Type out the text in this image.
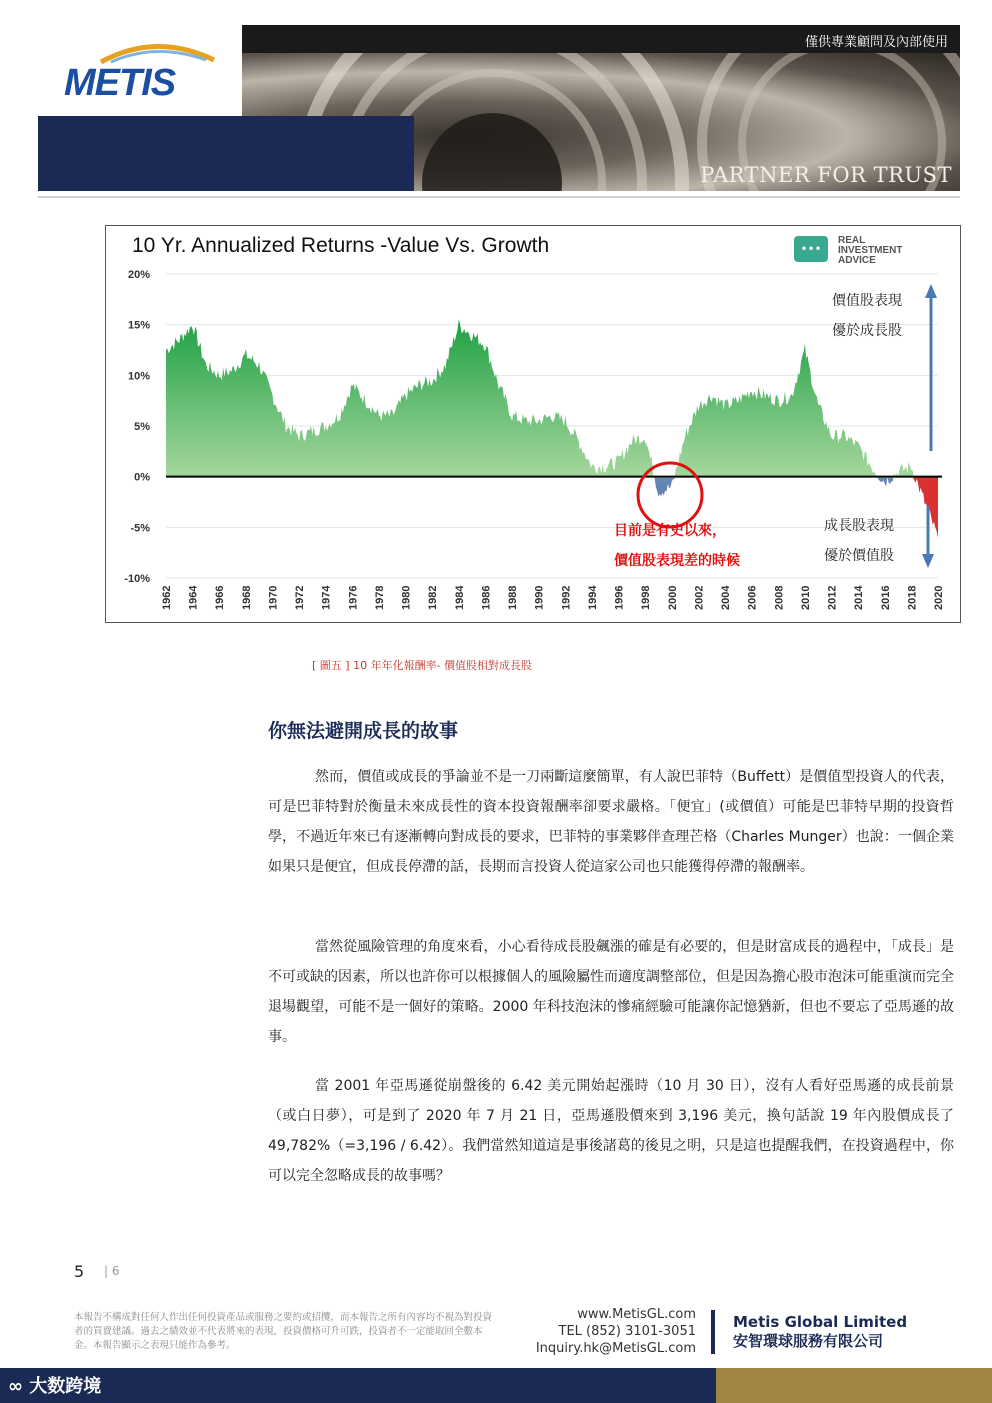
METIS
僅供專業顧問及內部使用
PARTNER FOR TRUST
10 Yr. Annualized Returns -Value Vs. Growth	•••
REAL
INVESTMENT
ADVICE
20%
15%
10%
5%
0%
-5%
-10%
1962 1964 1966 1968 1970 1972 1974 1976 1978 1980 1982 1984 1986 1988 1990 1992 1994 1996 1998 2000 2002 2004 2006 2008 2010 2012 2014 2016 2018 2020
價值股表現
優於成長股
成長股表現
優於價值股
目前是有史以來，
價值股表現差的時候
[ 圖五 ] 10 年年化報酬率- 價值股相對成長股
你無法避開成長的故事

然而，價值或成長的爭論並不是一刀兩斷這麼簡單，有人說巴菲特（Buffett）是價值型投資人的代表，可是巴菲特對於衡量未來成長性的資本投資報酬率卻要求嚴格。「便宜」(或價值）可能是巴菲特早期的投資哲學，不過近年來已有逐漸轉向對成長的要求，巴菲特的事業夥伴查理芒格（Charles Munger）也說：一個企業如果只是便宜，但成長停滯的話，長期而言投資人從這家公司也只能獲得停滯的報酬率。

當然從風險管理的角度來看，小心看待成長股飆漲的確是有必要的，但是財富成長的過程中，「成長」是不可或缺的因素，所以也許你可以根據個人的風險屬性而適度調整部位，但是因為擔心股市泡沫可能重演而完全退場觀望，可能不是一個好的策略。2000 年科技泡沫的慘痛經驗可能讓你記憶猶新，但也不要忘了亞馬遜的故事。

當 2001 年亞馬遜從崩盤後的 6.42 美元開始起漲時（10 月 30 日），沒有人看好亞馬遜的成長前景（或白日夢），可是到了 2020 年 7 月 21 日，亞馬遜股價來到 3,196 美元，換句話說 19 年內股價成長了 49,782%（=3,196 / 6.42）。我們當然知道這是事後諸葛的後見之明，只是這也提醒我們，在投資過程中，你可以完全忽略成長的故事嗎？

5 | 6
本報告不構成對任何人作出任何投資產品或服務之要約或招攬，而本報告之所有內容均不視為對投資者的買賣建議。過去之績效並不代表將來的表現，投資價格可升可跌，投資者不一定能取回全數本金。本報告顯示之表現只能作為參考。
www.MetisGL.com
TEL (852) 3101-3051
Inquiry.hk@MetisGL.com
Metis Global Limited
安智環球服務有限公司
∞ 大数跨境
